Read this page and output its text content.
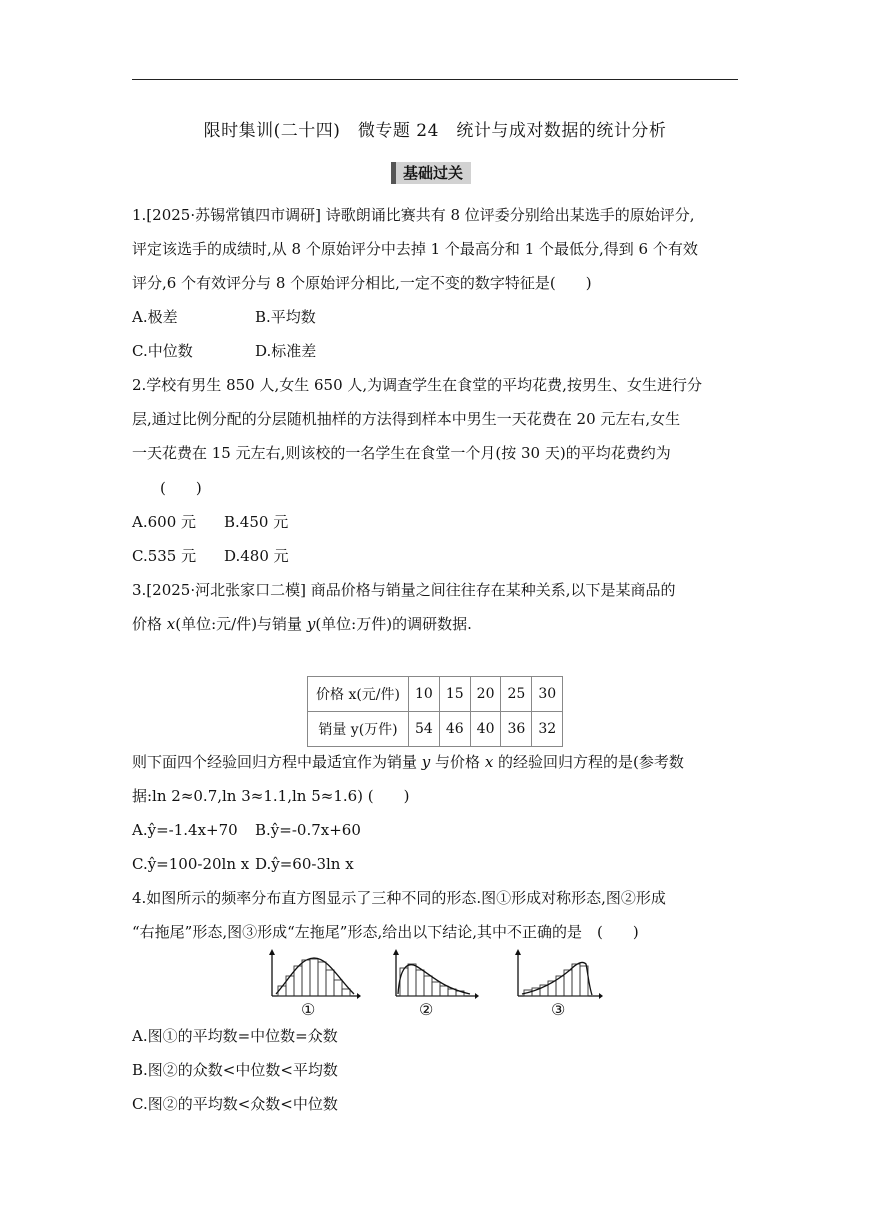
限时集训(二十四)　微专题 24　统计与成对数据的统计分析
基础过关
1.[2025·苏锡常镇四市调研] 诗歌朗诵比赛共有 8 位评委分别给出某选手的原始评分,
评定该选手的成绩时,从 8 个原始评分中去掉 1 个最高分和 1 个最低分,得到 6 个有效
评分,6 个有效评分与 8 个原始评分相比,一定不变的数字特征是(　　)
A.极差	B.平均数
C.中位数	D.标准差
2.学校有男生 850 人,女生 650 人,为调查学生在食堂的平均花费,按男生、女生进行分
层,通过比例分配的分层随机抽样的方法得到样本中男生一天花费在 20 元左右,女生
一天花费在 15 元左右,则该校的一名学生在食堂一个月(按 30 天)的平均花费约为
(　　)
A.600 元 B.450 元
C.535 元 D.480 元
3.[2025·河北张家口二模] 商品价格与销量之间往往存在某种关系,以下是某商品的
价格 x(单位:元/件)与销量 y(单位:万件)的调研数据.
价格 x(元/件)	10	15	20	25	30
销量 y(万件)	54	46	40	36	32
则下面四个经验回归方程中最适宜作为销量 y 与价格 x 的经验回归方程的是(参考数
据:ln 2≈0.7,ln 3≈1.1,ln 5≈1.6) (　　)
A.ŷ=-1.4x+70 B.ŷ=-0.7x+60
C.ŷ=100-20ln x D.ŷ=60-3ln x
4.如图所示的频率分布直方图显示了三种不同的形态.图①形成对称形态,图②形成
“右拖尾”形态,图③形成“左拖尾”形态,给出以下结论,其中不正确的是　(　　)
①	②	③
A.图①的平均数=中位数=众数
B.图②的众数<中位数<平均数
C.图②的平均数<众数<中位数
